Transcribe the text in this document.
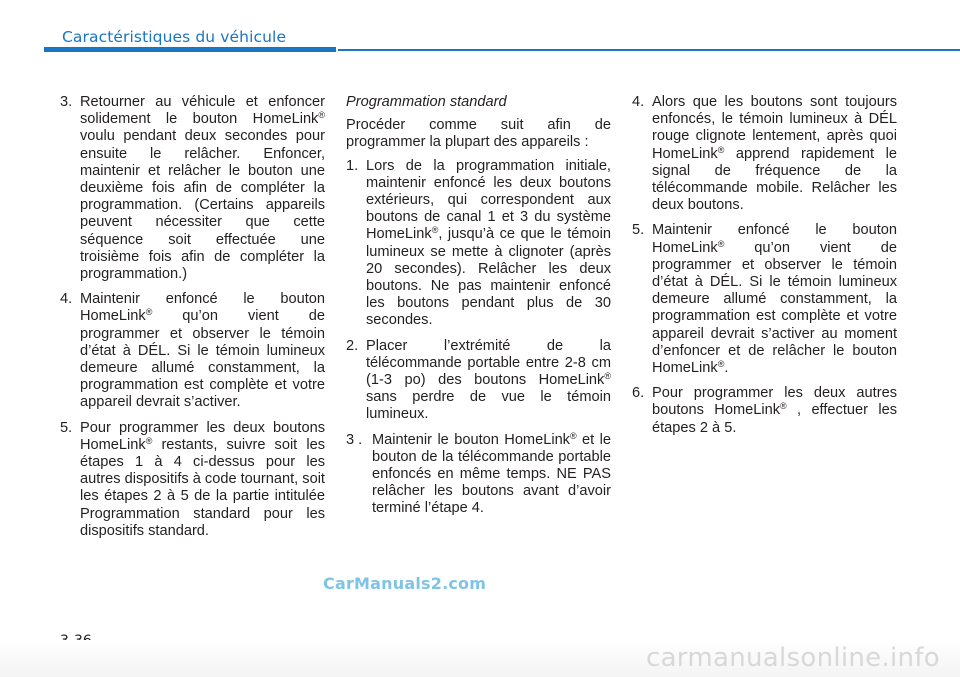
Caractéristiques du véhicule
3. Retourner au véhicule et enfoncer solidement le bouton HomeLink® voulu pendant deux secondes pour ensuite le relâcher. Enfoncer, maintenir et relâcher le bouton une deuxième fois afin de compléter la programmation. (Certains appareils peuvent nécessiter que cette séquence soit effectuée une troisième fois afin de compléter la programmation.)
4. Maintenir enfoncé le bouton HomeLink® qu’on vient de programmer et observer le témoin d’état à DÉL. Si le témoin lumineux demeure allumé constamment, la programmation est complète et votre appareil devrait s’activer.
5. Pour programmer les deux boutons HomeLink® restants, suivre soit les étapes 1 à 4 ci-dessus pour les autres dispositifs à code tournant, soit les étapes 2 à 5 de la partie intitulée Programmation standard pour les dispositifs standard.
Programmation standard
Procéder comme suit afin de programmer la plupart des appareils :
1. Lors de la programmation initiale, maintenir enfoncé les deux boutons extérieurs, qui correspondent aux boutons de canal 1 et 3 du système HomeLink®, jusqu’à ce que le témoin lumineux se mette à clignoter (après 20 secondes). Relâcher les deux boutons. Ne pas maintenir enfoncé les boutons pendant plus de 30 secondes.
2. Placer l’extrémité de la télécommande portable entre 2-8 cm (1-3 po) des boutons HomeLink® sans perdre de vue le témoin lumineux.
3 . Maintenir le bouton HomeLink® et le bouton de la télécommande portable enfoncés en même temps. NE PAS relâcher les boutons avant d’avoir terminé l’étape 4.
4. Alors que les boutons sont toujours enfoncés, le témoin lumineux à DÉL rouge clignote lentement, après quoi HomeLink® apprend rapidement le signal de fréquence de la télécommande mobile. Relâcher les deux boutons.
5. Maintenir enfoncé le bouton HomeLink® qu’on vient de programmer et observer le témoin d’état à DÉL. Si le témoin lumineux demeure allumé constamment, la programmation est complète et votre appareil devrait s’activer au moment d’enfoncer et de relâcher le bouton HomeLink®.
6. Pour programmer les deux autres boutons HomeLink® , effectuer les étapes 2 à 5.
CarManuals2.com
carmanualsonline.info
